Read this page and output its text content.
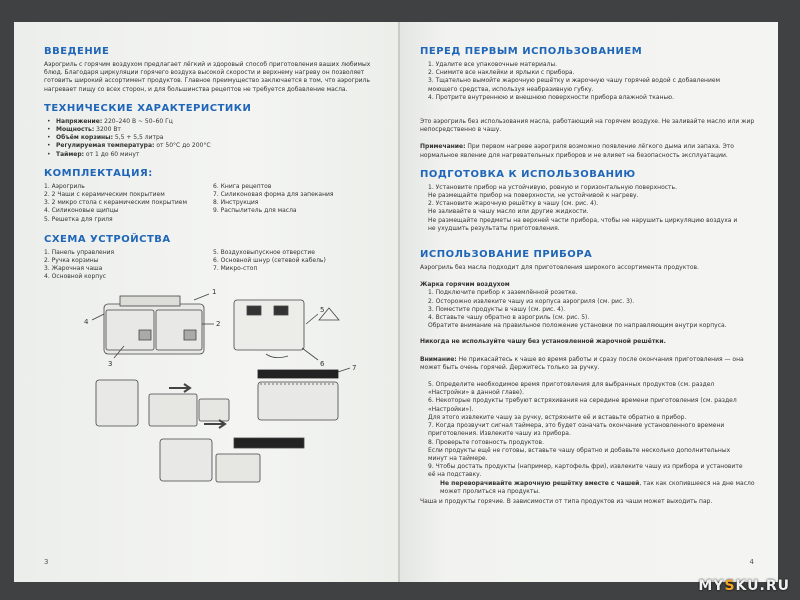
ВВЕДЕНИЕ

Аэрогриль с горячим воздухом предлагает лёгкий и здоровый способ приготовления ваших любимых блюд. Благодаря циркуляции горячего воздуха высокой скорости и верхнему нагреву он позволяет готовить широкий ассортимент продуктов. Главное преимущество заключается в том, что аэрогриль нагревает пищу со всех сторон, и для большинства рецептов не требуется добавление масла.

ТЕХНИЧЕСКИЕ ХАРАКТЕРИСТИКИ

• Напряжение: 220–240 В ~ 50–60 Гц

• Мощность: 3200 Вт

• Объём корзины: 5,5 + 5,5 литра

• Регулируемая температура: от 50°C до 200°C

• Таймер: от 1 до 60 минут

КОМПЛЕКТАЦИЯ:
1. Аэрогриль
2. 2 Чаши с керамическим покрытием
3. 2 микро стола с керамическим покрытием
4. Силиконовые щипцы
5. Решетка для гриля
6. Книга рецептов
7. Силиконовая форма для запекания
8. Инструкция
9. Распылитель для масла
СХЕМА УСТРОЙСТВА
1. Панель управления
2. Ручка корзины
3. Жарочная чаша
4. Основной корпус
5. Воздуховыпускное отверстие
6. Основной шнур (сетевой кабель)
7. Микро-стоп
1
2
3
4
5
6	7
3
ПЕРЕД ПЕРВЫМ ИСПОЛЬЗОВАНИЕМ
1. Удалите все упаковочные материалы.
2. Снимите все наклейки и ярлыки с прибора.
3. Тщательно вымойте жарочную решётку и жарочную чашу горячей водой с добавлением
моющего средства, используя неабразивную губку.
4. Протрите внутреннюю и внешнюю поверхности прибора влажной тканью.

Это аэрогриль без использования масла, работающий на горячем воздухе. Не заливайте масло или жир непосредственно в чашу.

Примечание: При первом нагреве аэрогриля возможно появление лёгкого дыма или запаха. Это нормальное явление для нагревательных приборов и не влияет на безопасность эксплуатации.

ПОДГОТОВКА К ИСПОЛЬЗОВАНИЮ
1. Установите прибор на устойчивую, ровную и горизонтальную поверхность.
Не размещайте прибор на поверхности, не устойчивой к нагреву.
2. Установите жарочную решётку в чашу (см. рис. 4).
Не заливайте в чашу масло или другие жидкости.
Не размещайте предметы на верхней части прибора, чтобы не нарушить циркуляцию воздуха и
не ухудшить результаты приготовления.
ИСПОЛЬЗОВАНИЕ ПРИБОРА

Аэрогриль без масла подходит для приготовления широкого ассортимента продуктов.

Жарка горячим воздухом
1. Подключите прибор к заземлённой розетке.
2. Осторожно извлеките чашу из корпуса аэрогриля (см. рис. 3).
3. Поместите продукты в чашу (см. рис. 4).
4. Вставьте чашу обратно в аэрогриль (см. рис. 5).
Обратите внимание на правильное положение установки по направляющим внутри корпуса.

Никогда не используйте чашу без установленной жарочной решётки.

Внимание: Не прикасайтесь к чаше во время работы и сразу после окончания приготовления — она может быть очень горячей. Держитесь только за ручку.

5. Определите необходимое время приготовления для выбранных продуктов (см. раздел
«Настройки» в данной главе).
6. Некоторые продукты требуют встряхивания на середине времени приготовления (см. раздел
«Настройки»).
Для этого извлеките чашу за ручку, встряхните её и вставьте обратно в прибор.
7. Когда прозвучит сигнал таймера, это будет означать окончание установленного времени
приготовления. Извлеките чашу из прибора.
8. Проверьте готовность продуктов.
Если продукты ещё не готовы, вставьте чашу обратно и добавьте несколько дополнительных
минут на таймере.
9. Чтобы достать продукты (например, картофель фри), извлеките чашу из прибора и установите
её на подставку.
Не переворачивайте жарочную решётку вместе с чашей, так как скопившееся на дне масло может пролиться на продукты.

Чаша и продукты горячие. В зависимости от типа продуктов из чаши может выходить пар.

4
MYSKU.RU
